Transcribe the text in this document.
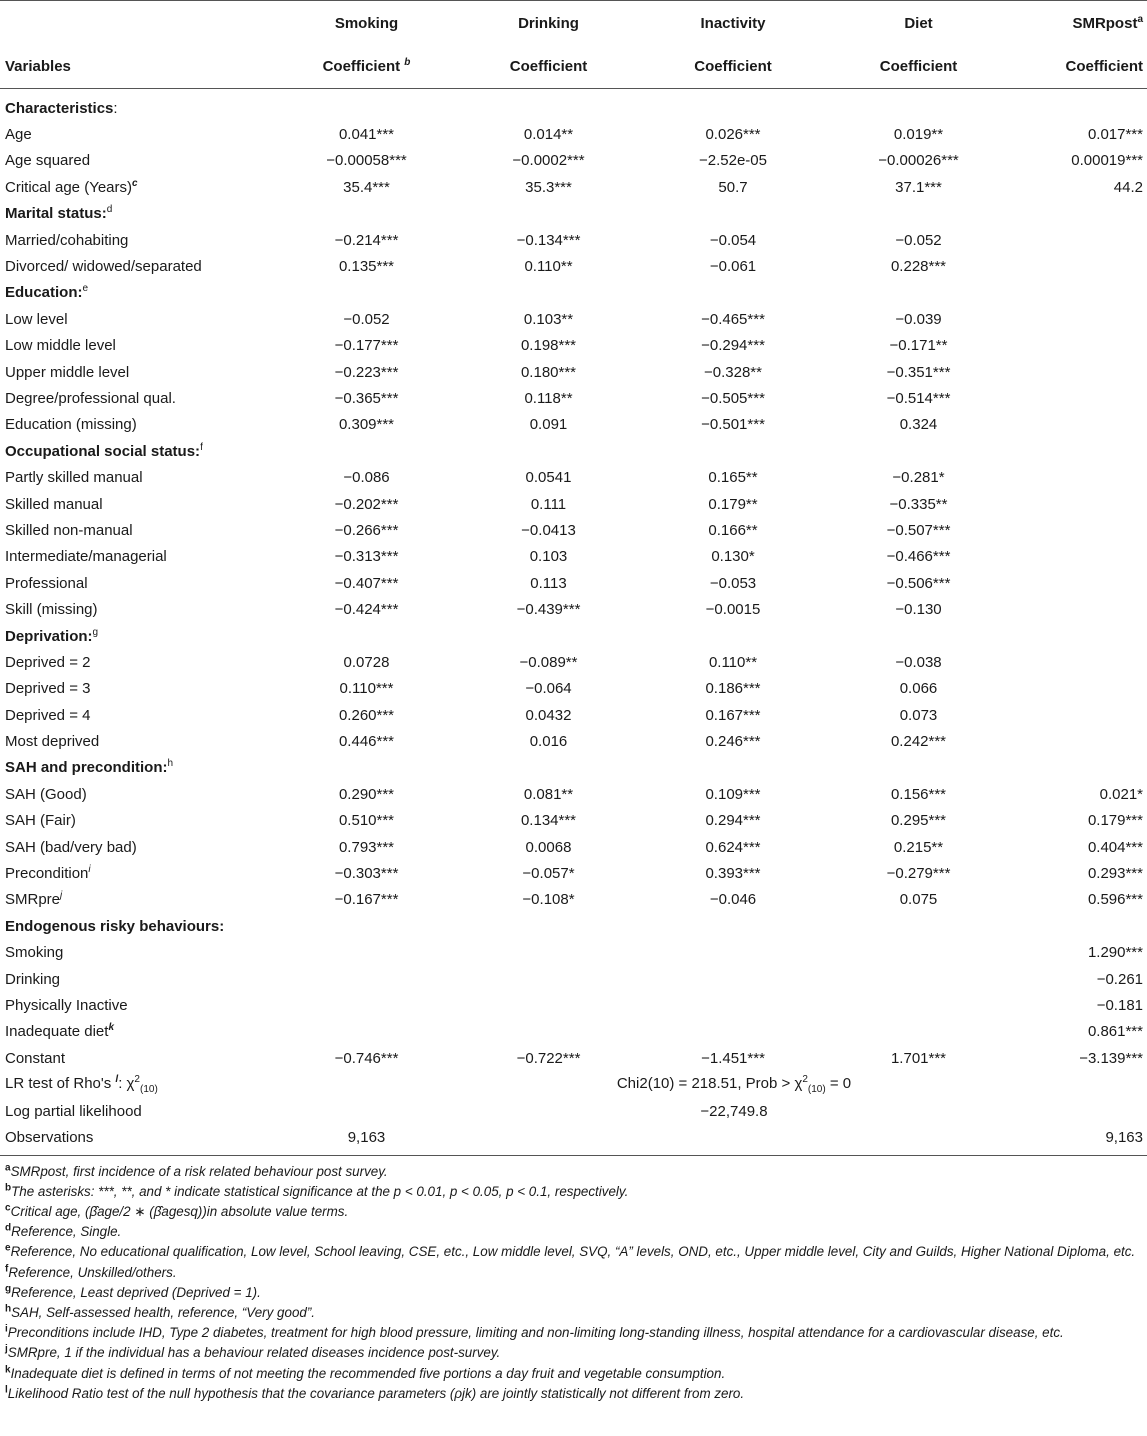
	Smoking	Drinking	Inactivity	Diet	SMRpost$^a$
Variables	Coefficient $^b$	Coefficient	Coefficient	Coefficient	Coefficient
Characteristics:					
Age	0.041***	0.014**	0.026***	0.019**	0.017***
Age squared	−0.00058***	−0.0002***	−2.52e-05	−0.00026***	0.00019***
Critical age (Years)$^c$	35.4***	35.3***	50.7	37.1***	44.2
Marital status:$^d$					
Married/cohabiting	−0.214***	−0.134***	−0.054	−0.052	
Divorced/ widowed/separated	0.135***	0.110**	−0.061	0.228***	
Education:$^e$					
Low level	−0.052	0.103**	−0.465***	−0.039	
Low middle level	−0.177***	0.198***	−0.294***	−0.171**	
Upper middle level	−0.223***	0.180***	−0.328**	−0.351***	
Degree/professional qual.	−0.365***	0.118**	−0.505***	−0.514***	
Education (missing)	0.309***	0.091	−0.501***	0.324	
Occupational social status:$^f$					
Partly skilled manual	−0.086	0.0541	0.165**	−0.281*	
Skilled manual	−0.202***	0.111	0.179**	−0.335**	
Skilled non-manual	−0.266***	−0.0413	0.166**	−0.507***	
Intermediate/managerial	−0.313***	0.103	0.130*	−0.466***	
Professional	−0.407***	0.113	−0.053	−0.506***	
Skill (missing)	−0.424***	−0.439***	−0.0015	−0.130	
Deprivation:$^g$					
Deprived = 2	0.0728	−0.089**	0.110**	−0.038	
Deprived = 3	0.110***	−0.064	0.186***	0.066	
Deprived = 4	0.260***	0.0432	0.167***	0.073	
Most deprived	0.446***	0.016	0.246***	0.242***	
SAH and precondition:$^h$					
SAH (Good)	0.290***	0.081**	0.109***	0.156***	0.021*
SAH (Fair)	0.510***	0.134***	0.294***	0.295***	0.179***
SAH (bad/very bad)	0.793***	0.0068	0.624***	0.215**	0.404***
Precondition$^i$	−0.303***	−0.057*	0.393***	−0.279***	0.293***
SMRpre$^j$	−0.167***	−0.108*	−0.046	0.075	0.596***
Endogenous risky behaviours:					
Smoking					1.290***
Drinking					−0.261
Physically Inactive					−0.181
Inadequate diet$^k$					0.861***
Constant	−0.746***	−0.722***	−1.451***	1.701***	−3.139***
LR test of Rho's $^l$: $\chi^2_{(10)}$		Chi2(10) = 218.51, Prob > $\chi^2_{(10)} = 0$			
Log partial likelihood		−22,749.8			
Observations	9,163				9,163
$^a$SMRpost, first incidence of a risk related behaviour post survey.
$^b$The asterisks: ***, **, and * indicate statistical significance at the p < 0.01, p < 0.05, p < 0.1, respectively.
$^c$Critical age, (β̂age/2 ∗ (β̂agesq))in absolute value terms.
$^d$Reference, Single.
$^e$Reference, No educational qualification, Low level, School leaving, CSE, etc., Low middle level, SVQ, “A” levels, OND, etc., Upper middle level, City and Guilds, Higher National Diploma, etc.
$^f$Reference, Unskilled/others.
$^g$Reference, Least deprived (Deprived = 1).
$^h$SAH, Self-assessed health, reference, “Very good”.
$^i$Preconditions include IHD, Type 2 diabetes, treatment for high blood pressure, limiting and non-limiting long-standing illness, hospital attendance for a cardiovascular disease, etc.
$^j$SMRpre, 1 if the individual has a behaviour related diseases incidence post-survey.
$^k$Inadequate diet is defined in terms of not meeting the recommended five portions a day fruit and vegetable consumption.
$^l$Likelihood Ratio test of the null hypothesis that the covariance parameters (ρjk) are jointly statistically not different from zero.
